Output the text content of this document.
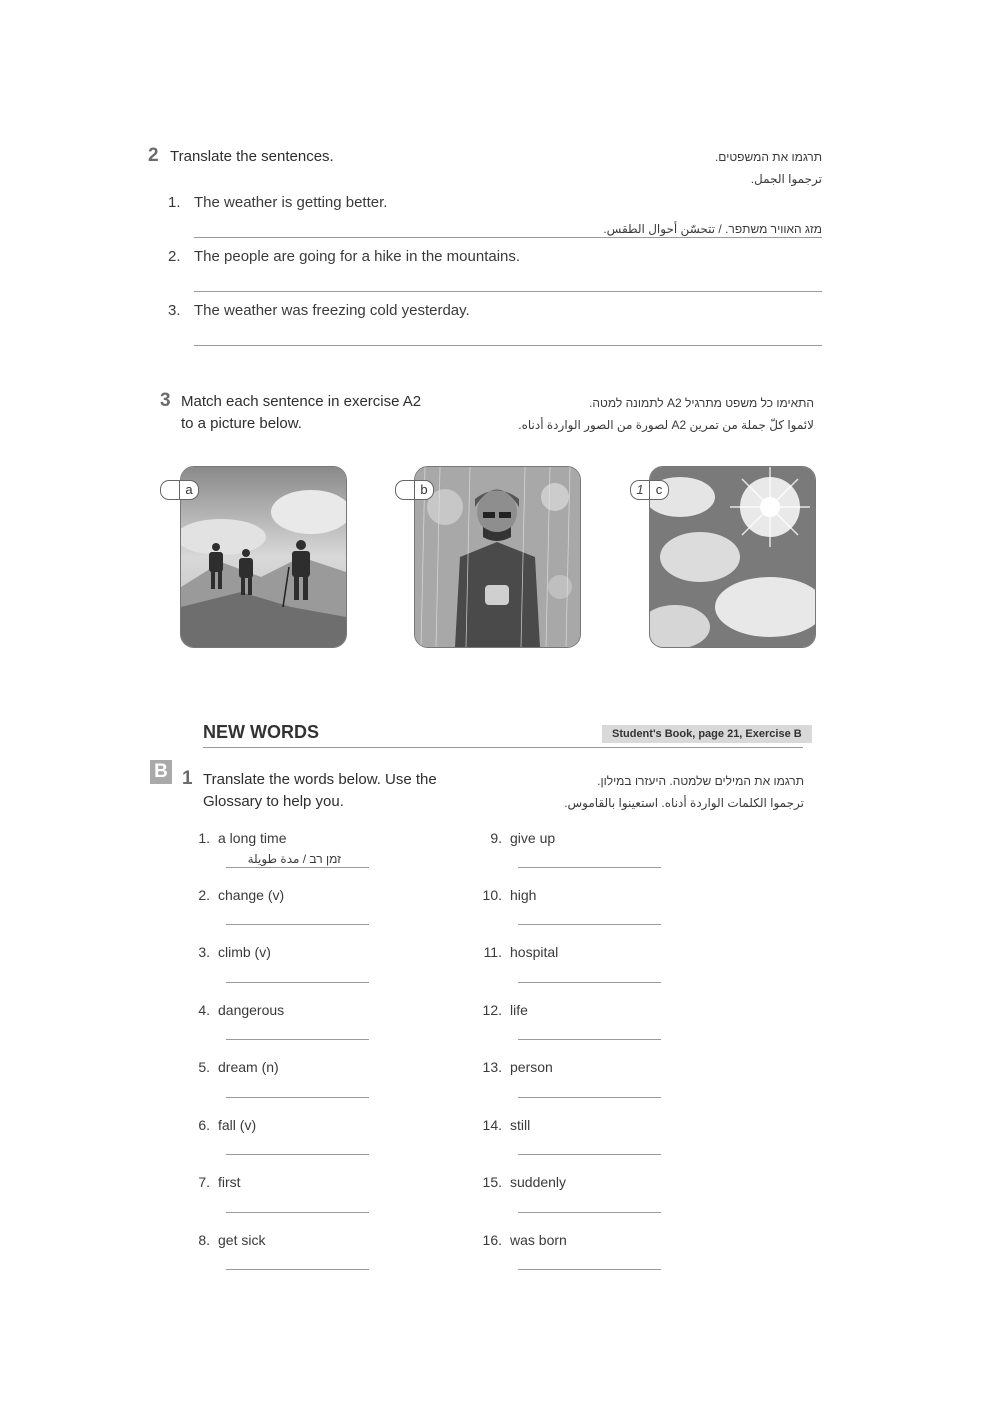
2 Translate the sentences.	תרגמו את המשפטים.
ترجموا الجمل.
1. The weather is getting better.
מזג האוויר משתפר. / تتحسّن أحوال الطقس.
2. The people are going for a hike in the mountains.
3. The weather was freezing cold yesterday.
3 Match each sentence in exercise A2
to a picture below.
התאימו כל משפט מתרגיל A2 לתמונה למטה.
لائموا كلّ جملة من تمرين A2 لصورة من الصور الواردة أدناه.
a	b	1 c
NEW WORDS	Student's Book, page 21, Exercise B
B 1 Translate the words below. Use the
Glossary to help you.
תרגמו את המילים שלמטה. היעזרו במילון.
ترجموا الكلمات الواردة أدناه. استعينوا بالقاموس.
1. a long time
זמן רב / مدة طويلة
2. change (v)
3. climb (v)
4. dangerous
5. dream (n)
6. fall (v)
7. first
8. get sick
9. give up
10. high
11. hospital
12. life
13. person
14. still
15. suddenly
16. was born
